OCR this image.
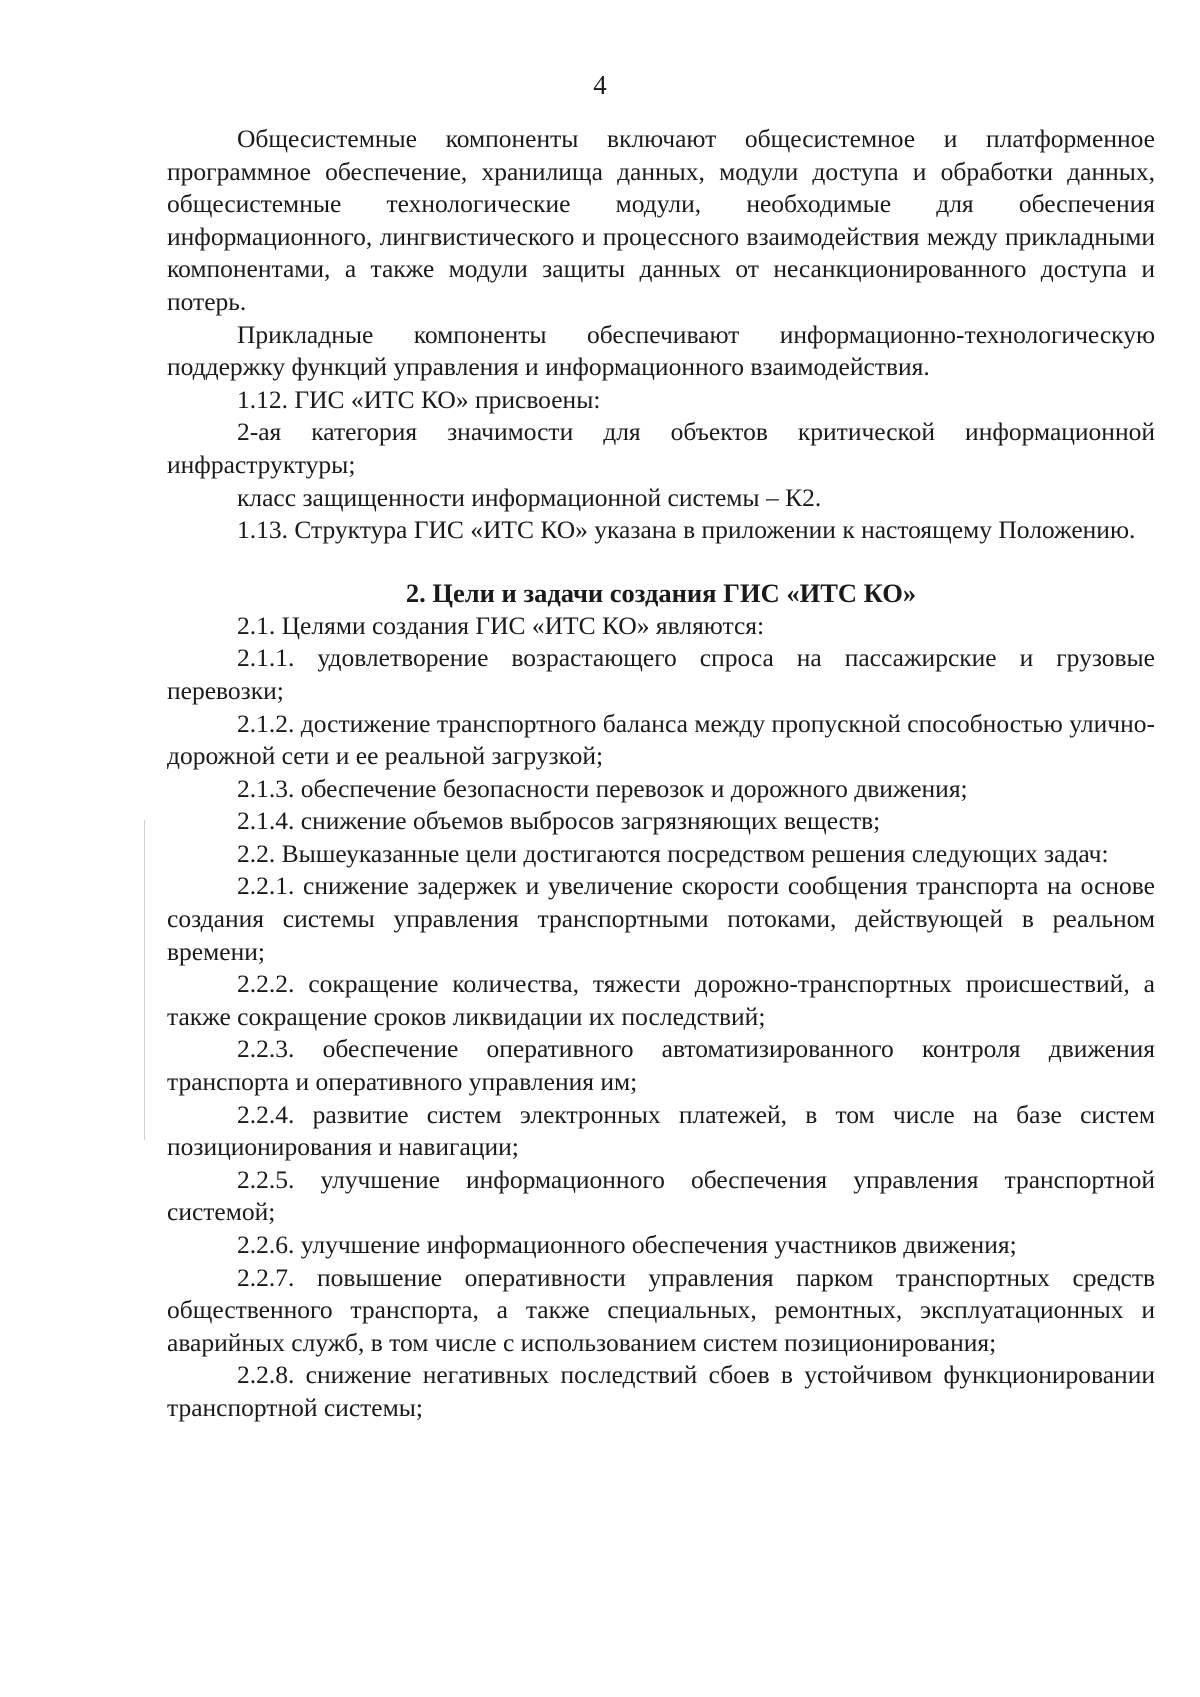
4

Общесистемные компоненты включают общесистемное и платформенное программное обеспечение, хранилища данных, модули доступа и обработки данных, общесистемные технологические модули, необходимые для обеспечения информационного, лингвистического и процессного взаимодействия между прикладными компонентами, а также модули защиты данных от несанкционированного доступа и потерь.

Прикладные компоненты обеспечивают информационно-технологическую поддержку функций управления и информационного взаимодействия.

1.12. ГИС «ИТС КО» присвоены:

2-ая категория значимости для объектов критической информационной инфраструктуры;

класс защищенности информационной системы – К2.

1.13. Структура ГИС «ИТС КО» указана в приложении к настоящему Положению.

2. Цели и задачи создания ГИС «ИТС КО»

2.1. Целями создания ГИС «ИТС КО» являются:

2.1.1. удовлетворение возрастающего спроса на пассажирские и грузовые перевозки;

2.1.2. достижение транспортного баланса между пропускной способностью улично-дорожной сети и ее реальной загрузкой;

2.1.3. обеспечение безопасности перевозок и дорожного движения;

2.1.4. снижение объемов выбросов загрязняющих веществ;

2.2. Вышеуказанные цели достигаются посредством решения следующих задач:

2.2.1. снижение задержек и увеличение скорости сообщения транспорта на основе создания системы управления транспортными потоками, действующей в реальном времени;

2.2.2. сокращение количества, тяжести дорожно-транспортных происшествий, а также сокращение сроков ликвидации их последствий;

2.2.3. обеспечение оперативного автоматизированного контроля движения транспорта и оперативного управления им;

2.2.4. развитие систем электронных платежей, в том числе на базе систем позиционирования и навигации;

2.2.5. улучшение информационного обеспечения управления транспортной системой;

2.2.6. улучшение информационного обеспечения участников движения;

2.2.7. повышение оперативности управления парком транспортных средств общественного транспорта, а также специальных, ремонтных, эксплуатационных и аварийных служб, в том числе с использованием систем позиционирования;

2.2.8. снижение негативных последствий сбоев в устойчивом функционировании транспортной системы;
